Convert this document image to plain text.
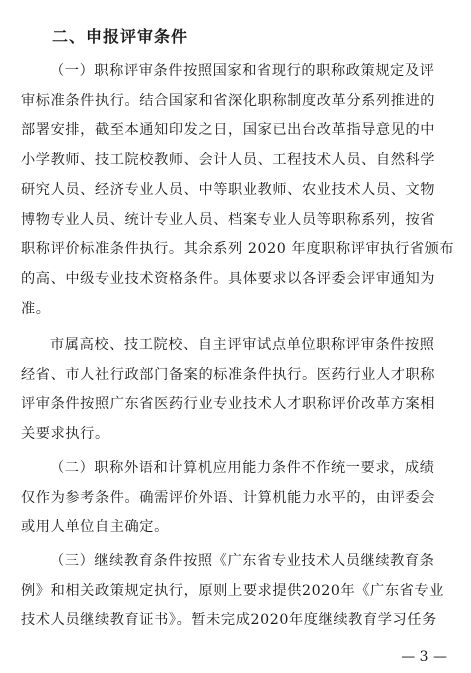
二、申报评审条件
（一）职称评审条件按照国家和省现行的职称政策规定及评
审标准条件执行。结合国家和省深化职称制度改革分系列推进的
部署安排，截至本通知印发之日，国家已出台改革指导意见的中
小学教师、技工院校教师、会计人员、工程技术人员、自然科学
研究人员、经济专业人员、中等职业教师、农业技术人员、文物
博物专业人员、统计专业人员、档案专业人员等职称系列，按省
职称评价标准条件执行。其余系列 2020 年度职称评审执行省颁布
的高、中级专业技术资格条件。具体要求以各评委会评审通知为
准。
市属高校、技工院校、自主评审试点单位职称评审条件按照
经省、市人社行政部门备案的标准条件执行。医药行业人才职称
评审条件按照广东省医药行业专业技术人才职称评价改革方案相
关要求执行。
（二）职称外语和计算机应用能力条件不作统一要求，成绩
仅作为参考条件。确需评价外语、计算机能力水平的，由评委会
或用人单位自主确定。
（三）继续教育条件按照《广东省专业技术人员继续教育条
例》和相关政策规定执行，原则上要求提供2020年《广东省专业
技术人员继续教育证书》。暂未完成2020年度继续教育学习任务
— 3 —
